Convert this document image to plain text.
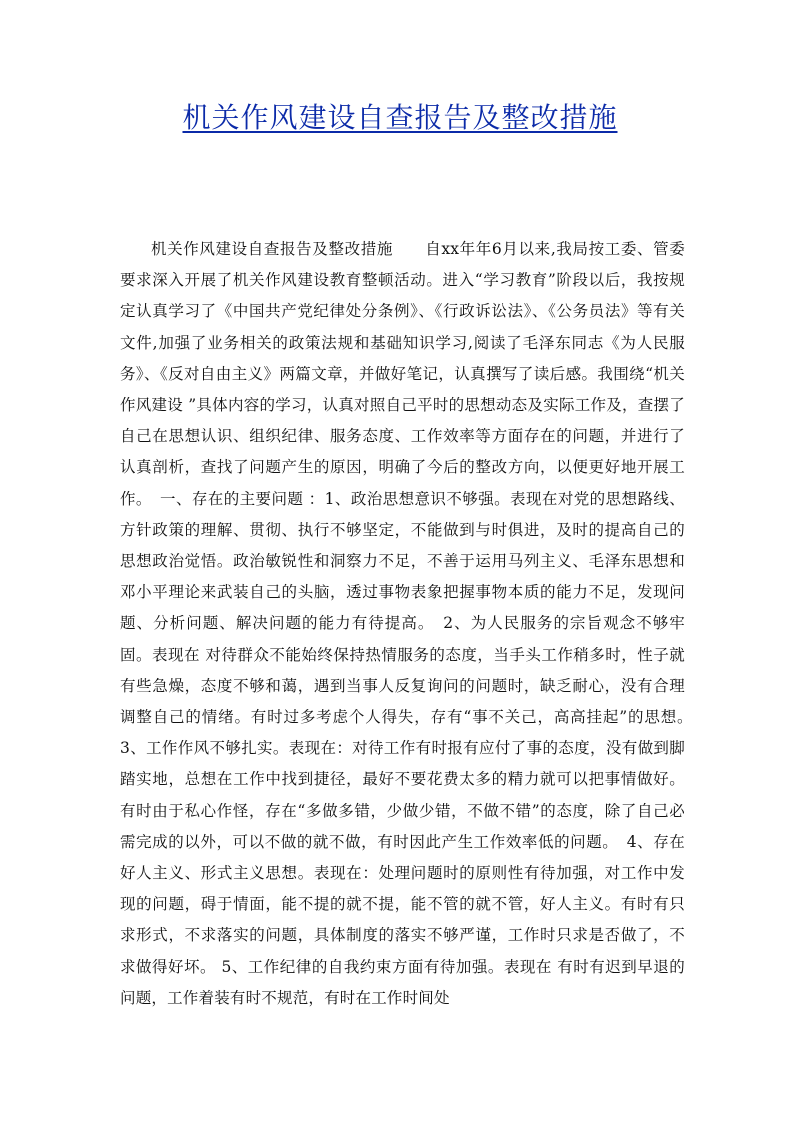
机关作风建设自查报告及整改措施

机关作风建设自查报告及整改措施　　自xx年年6月以来,我局按工委、管委要求深入开展了机关作风建设教育整顿活动。进入“学习教育”阶段以后，我按规定认真学习了《中国共产党纪律处分条例》、《行政诉讼法》、《公务员法》等有关文件,加强了业务相关的政策法规和基础知识学习,阅读了毛泽东同志《为人民服务》、《反对自由主义》两篇文章，并做好笔记，认真撰写了读后感。我围绕“机关作风建设 ”具体内容的学习，认真对照自己平时的思想动态及实际工作及，查摆了自己在思想认识、组织纪律、服务态度、工作效率等方面存在的问题，并进行了认真剖析，查找了问题产生的原因，明确了今后的整改方向，以便更好地开展工作。　一、存在的主要问题 ：1、政治思想意识不够强。表现在对党的思想路线、方针政策的理解、贯彻、执行不够坚定，不能做到与时俱进，及时的提高自己的思想政治觉悟。政治敏锐性和洞察力不足，不善于运用马列主义、毛泽东思想和邓小平理论来武装自己的头脑，透过事物表象把握事物本质的能力不足，发现问题、分析问题、解决问题的能力有待提高。　2、为人民服务的宗旨观念不够牢固。表现在 对待群众不能始终保持热情服务的态度，当手头工作稍多时，性子就有些急燥，态度不够和蔼，遇到当事人反复询问的问题时，缺乏耐心，没有合理调整自己的情绪。有时过多考虑个人得失，存有“事不关己，高高挂起”的思想。　3、工作作风不够扎实。表现在：对待工作有时报有应付了事的态度，没有做到脚踏实地，总想在工作中找到捷径，最好不要花费太多的精力就可以把事情做好。有时由于私心作怪，存在“多做多错，少做少错，不做不错”的态度，除了自己必需完成的以外，可以不做的就不做，有时因此产生工作效率低的问题。　4、存在好人主义、形式主义思想。表现在：处理问题时的原则性有待加强，对工作中发现的问题，碍于情面，能不提的就不提，能不管的就不管，好人主义。有时有只求形式，不求落实的问题，具体制度的落实不够严谨，工作时只求是否做了，不求做得好坏。 5、工作纪律的自我约束方面有待加强。表现在 有时有迟到早退的问题，工作着装有时不规范，有时在工作时间处
